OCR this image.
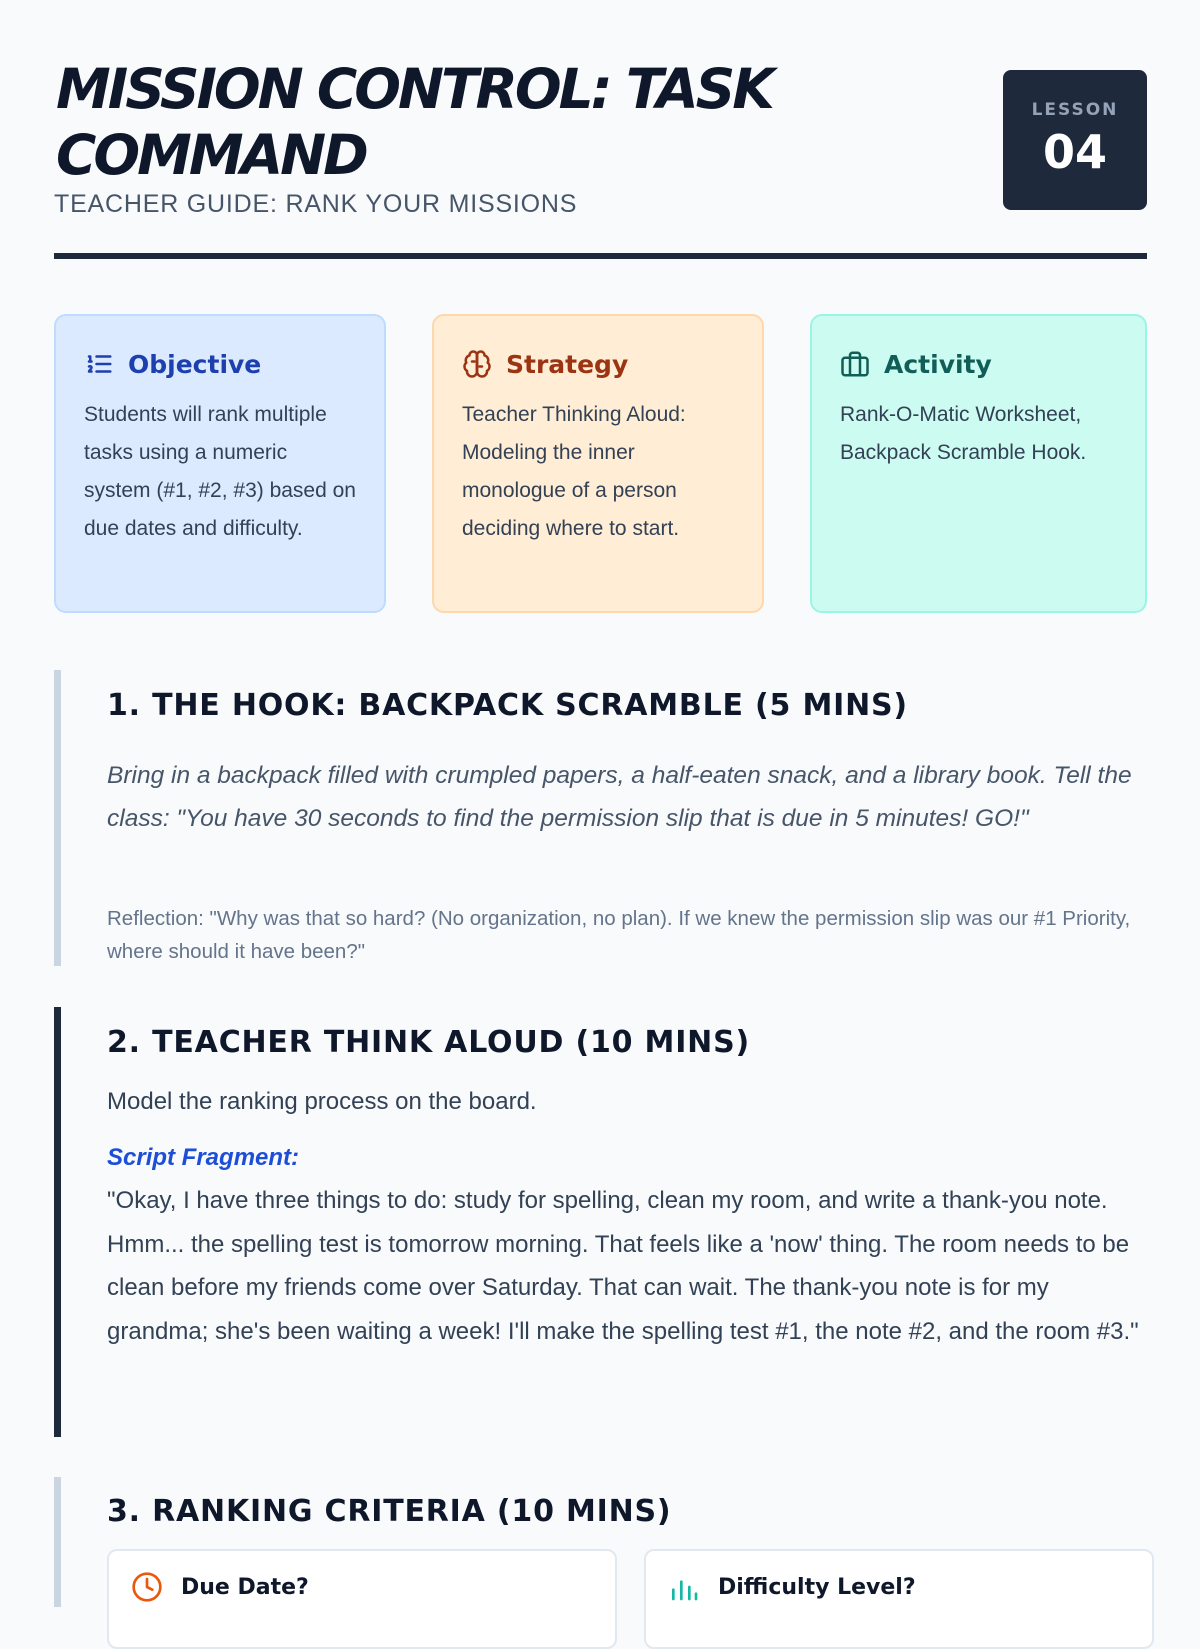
MISSION CONTROL: TASK COMMAND
TEACHER GUIDE: RANK YOUR MISSIONS
LESSON
04
Objective
Students will rank multiple tasks using a numeric system (#1, #2, #3) based on due dates and difficulty.
Strategy
Teacher Thinking Aloud: Modeling the inner monologue of a person deciding where to start.
Activity
Rank-O-Matic Worksheet, Backpack Scramble Hook.
1. THE HOOK: BACKPACK SCRAMBLE (5 MINS)
Bring in a backpack filled with crumpled papers, a half-eaten snack, and a library book. Tell the class: "You have 30 seconds to find the permission slip that is due in 5 minutes! GO!"
Reflection: "Why was that so hard? (No organization, no plan). If we knew the permission slip was our #1 Priority, where should it have been?"
2. TEACHER THINK ALOUD (10 MINS)
Model the ranking process on the board.
Script Fragment:
"Okay, I have three things to do: study for spelling, clean my room, and write a thank-you note. Hmm... the spelling test is tomorrow morning. That feels like a 'now' thing. The room needs to be clean before my friends come over Saturday. That can wait. The thank-you note is for my grandma; she's been waiting a week! I'll make the spelling test #1, the note #2, and the room #3."
3. RANKING CRITERIA (10 MINS)
Due Date?	Difficulty Level?
